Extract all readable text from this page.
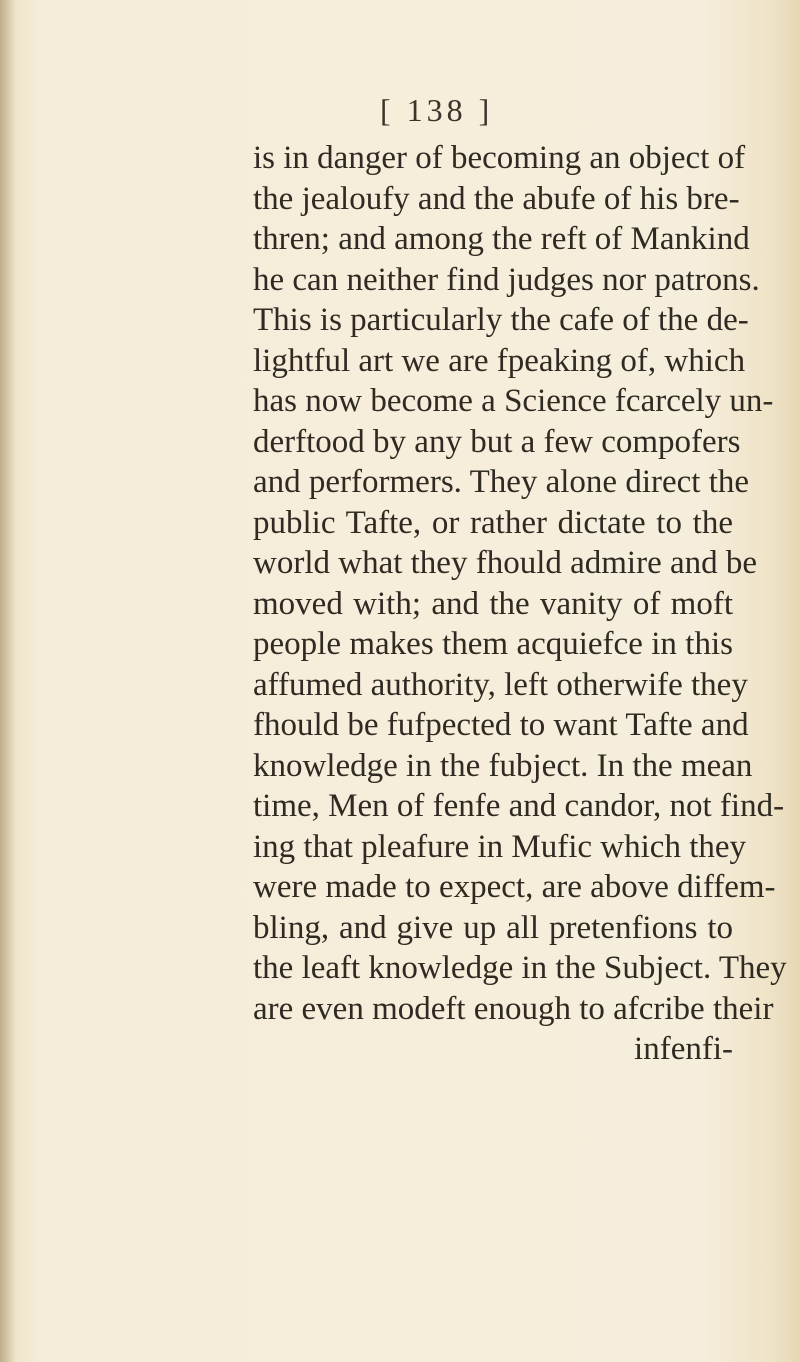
[ 138 ]
is in danger of becoming an object of
the jealoufy and the abufe of his bre-
thren; and among the reft of Mankind
he can neither find judges nor patrons.
This is particularly the cafe of the de-
lightful art we are fpeaking of, which
has now become a Science fcarcely un-
derftood by any but a few compofers
and performers. They alone direct the
public Tafte, or rather dictate to the
world what they fhould admire and be
moved with; and the vanity of moft
people makes them acquiefce in this
affumed authority, left otherwife they
fhould be fufpected to want Tafte and
knowledge in the fubject. In the mean
time, Men of fenfe and candor, not find-
ing that pleafure in Mufic which they
were made to expect, are above diffem-
bling, and give up all pretenfions to
the leaft knowledge in the Subject. They
are even modeft enough to afcribe their
infenfi-
